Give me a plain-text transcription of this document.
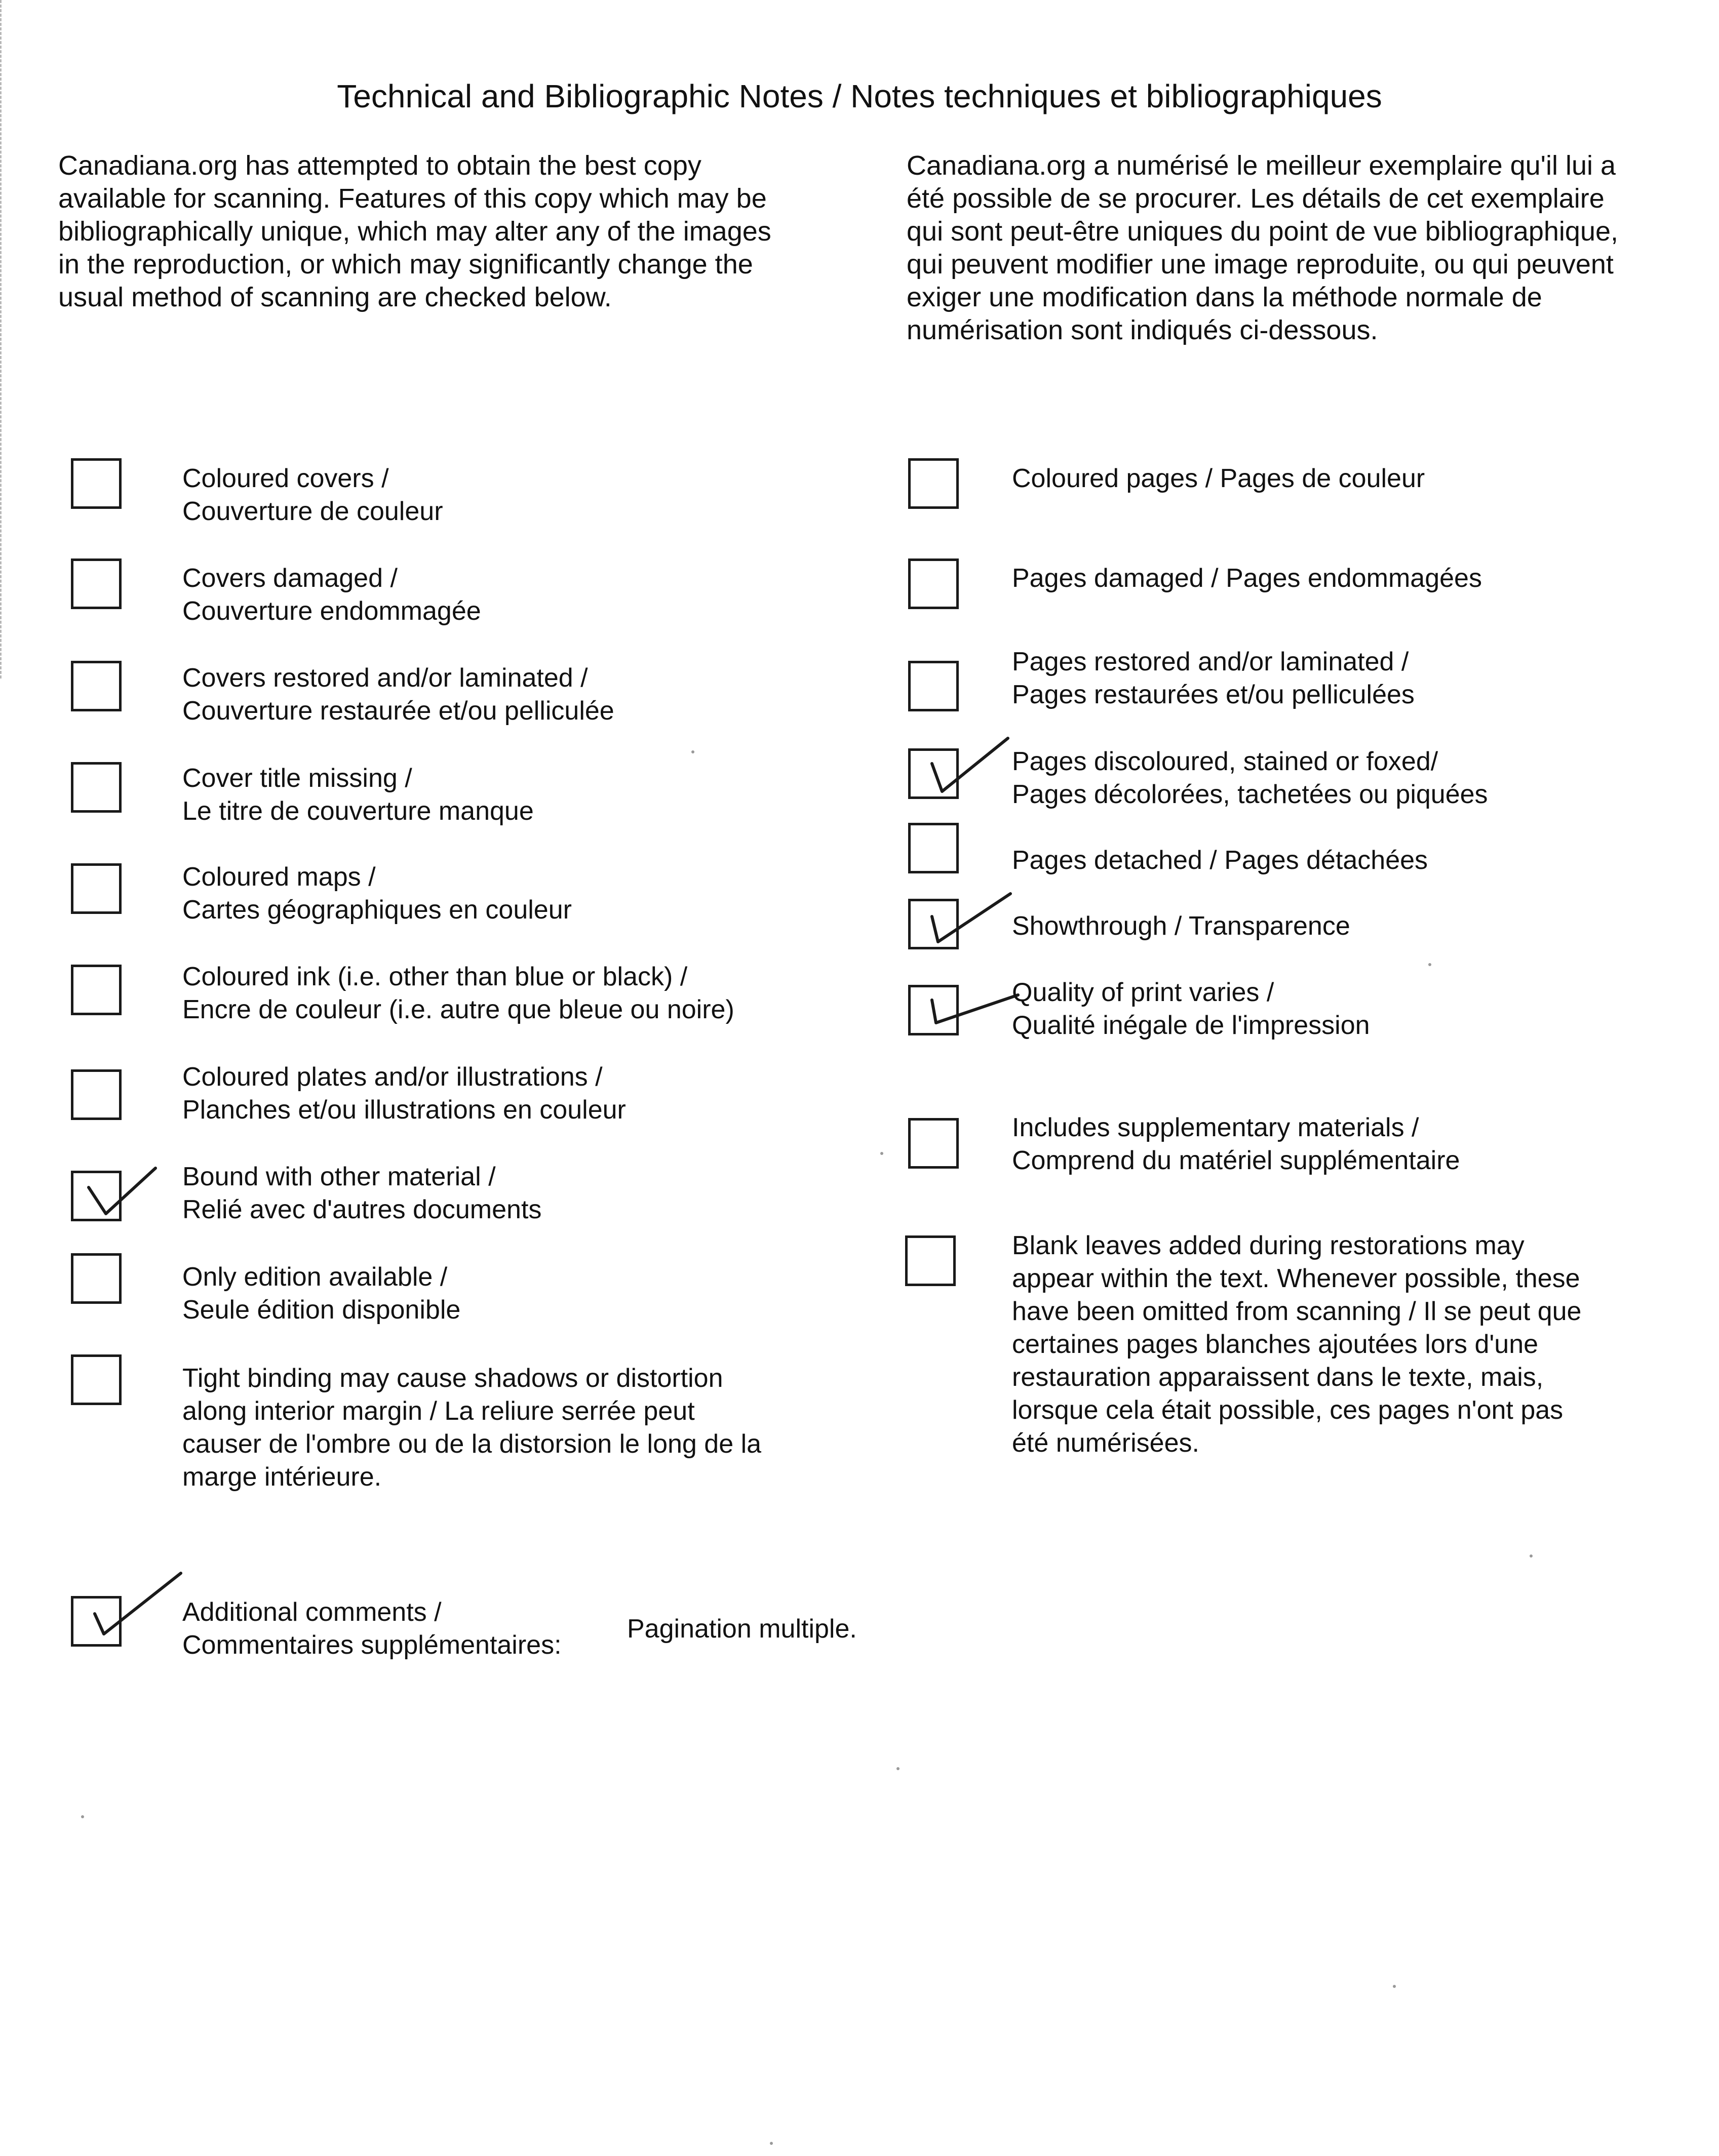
Technical and Bibliographic Notes / Notes techniques et bibliographiques
Canadiana.org has attempted to obtain the best copy
available for scanning. Features of this copy which may be
bibliographically unique, which may alter any of the images
in the reproduction, or which may significantly change the
usual method of scanning are checked below.
Canadiana.org a numérisé le meilleur exemplaire qu'il lui a
été possible de se procurer. Les détails de cet exemplaire
qui sont peut-être uniques du point de vue bibliographique,
qui peuvent modifier une image reproduite, ou qui peuvent
exiger une modification dans la méthode normale de
numérisation sont indiqués ci-dessous.
Coloured covers /
Couverture de couleur
Covers damaged /
Couverture endommagée
Covers restored and/or laminated /
Couverture restaurée et/ou pelliculée
Cover title missing /
Le titre de couverture manque
Coloured maps /
Cartes géographiques en couleur
Coloured ink (i.e. other than blue or black) /
Encre de couleur (i.e. autre que bleue ou noire)
Coloured plates and/or illustrations /
Planches et/ou illustrations en couleur
Bound with other material /
Relié avec d'autres documents
Only edition available /
Seule édition disponible
Tight binding may cause shadows or distortion
along interior margin / La reliure serrée peut
causer de l'ombre ou de la distorsion le long de la
marge intérieure.
Coloured pages / Pages de couleur
Pages damaged / Pages endommagées
Pages restored and/or laminated /
Pages restaurées et/ou pelliculées
Pages discoloured, stained or foxed/
Pages décolorées, tachetées ou piquées
Pages detached / Pages détachées
Showthrough / Transparence
Quality of print varies /
Qualité inégale de l'impression
Includes supplementary materials /
Comprend du matériel supplémentaire
Blank leaves added during restorations may
appear within the text. Whenever possible, these
have been omitted from scanning / Il se peut que
certaines pages blanches ajoutées lors d'une
restauration apparaissent dans le texte, mais,
lorsque cela était possible, ces pages n'ont pas
été numérisées.
Additional comments /
Commentaires supplémentaires:
Pagination multiple.
